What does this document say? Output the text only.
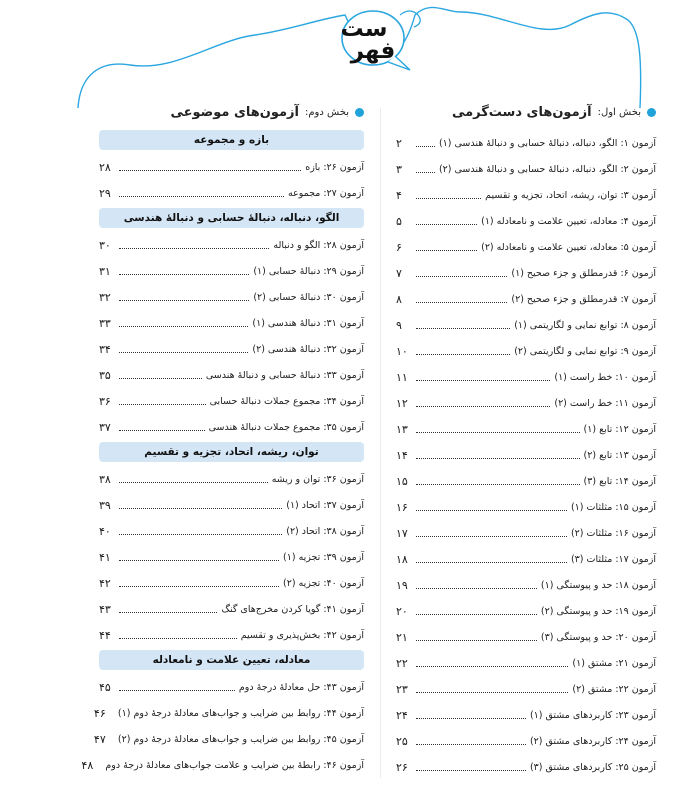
ست
فهر
بخش اول:
آزمون‌های دست‌گرمی
آزمون ۱: الگو، دنباله، دنبالهٔ حسابی و دنبالهٔ هندسی (۱)
۲
آزمون ۲: الگو، دنباله، دنبالهٔ حسابی و دنبالهٔ هندسی (۲)
۳
آزمون ۳: توان، ریشه، اتحاد، تجزیه و تقسیم
۴
آزمون ۴: معادله، تعیین علامت و نامعادله (۱)
۵
آزمون ۵: معادله، تعیین علامت و نامعادله (۲)
۶
آزمون ۶: قدرمطلق و جزء صحیح (۱)
۷
آزمون ۷: قدرمطلق و جزء صحیح (۲)
۸
آزمون ۸: توابع نمایی و لگاریتمی (۱)
۹
آزمون ۹: توابع نمایی و لگاریتمی (۲)
۱۰
آزمون ۱۰: خط راست (۱)
۱۱
آزمون ۱۱: خط راست (۲)
۱۲
آزمون ۱۲: تابع (۱)
۱۳
آزمون ۱۳: تابع (۲)
۱۴
آزمون ۱۴: تابع (۳)
۱۵
آزمون ۱۵: مثلثات (۱)
۱۶
آزمون ۱۶: مثلثات (۲)
۱۷
آزمون ۱۷: مثلثات (۳)
۱۸
آزمون ۱۸: حد و پیوستگی (۱)
۱۹
آزمون ۱۹: حد و پیوستگی (۲)
۲۰
آزمون ۲۰: حد و پیوستگی (۳)
۲۱
آزمون ۲۱: مشتق (۱)
۲۲
آزمون ۲۲: مشتق (۲)
۲۳
آزمون ۲۳: کاربردهای مشتق (۱)
۲۴
آزمون ۲۴: کاربردهای مشتق (۲)
۲۵
آزمون ۲۵: کاربردهای مشتق (۳)
۲۶
بخش دوم:
آزمون‌های موضوعی
بازه و مجموعه
آزمون ۲۶: بازه
۲۸
آزمون ۲۷: مجموعه
۲۹
الگو، دنباله، دنبالهٔ حسابی و دنبالهٔ هندسی
آزمون ۲۸: الگو و دنباله
۳۰
آزمون ۲۹: دنبالهٔ حسابی (۱)
۳۱
آزمون ۳۰: دنبالهٔ حسابی (۲)
۳۲
آزمون ۳۱: دنبالهٔ هندسی (۱)
۳۳
آزمون ۳۲: دنبالهٔ هندسی (۲)
۳۴
آزمون ۳۳: دنبالهٔ حسابی و دنبالهٔ هندسی
۳۵
آزمون ۳۴: مجموع جملات دنبالهٔ حسابی
۳۶
آزمون ۳۵: مجموع جملات دنبالهٔ هندسی
۳۷
توان، ریشه، اتحاد، تجزیه و تقسیم
آزمون ۳۶: توان و ریشه
۳۸
آزمون ۳۷: اتحاد (۱)
۳۹
آزمون ۳۸: اتحاد (۲)
۴۰
آزمون ۳۹: تجزیه (۱)
۴۱
آزمون ۴۰: تجزیه (۲)
۴۲
آزمون ۴۱: گویا کردن مخرج‌های گنگ
۴۳
آزمون ۴۲: بخش‌پذیری و تقسیم
۴۴
معادله، تعیین علامت و نامعادله
آزمون ۴۳: حل معادلهٔ درجهٔ دوم
۴۵
آزمون ۴۴: روابط بین ضرایب و جواب‌های معادلهٔ درجهٔ دوم (۱)
۴۶
آزمون ۴۵: روابط بین ضرایب و جواب‌های معادلهٔ درجهٔ دوم (۲)
۴۷
آزمون ۴۶: رابطهٔ بین ضرایب و علامت جواب‌های معادلهٔ درجهٔ دوم
۴۸
